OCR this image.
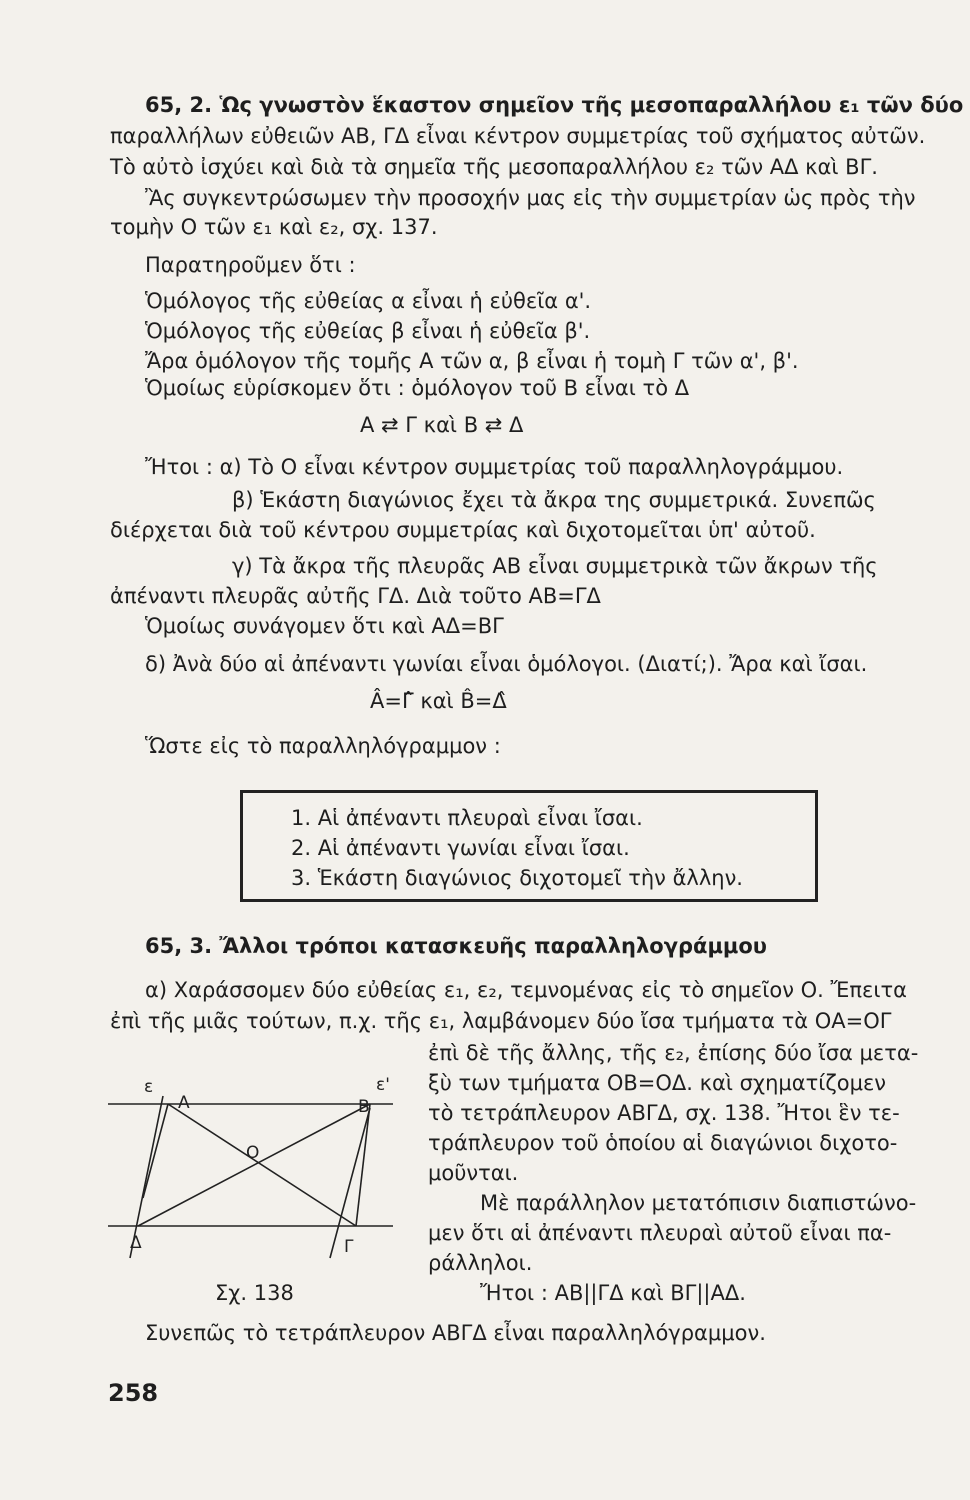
65, 2. Ὡς γνωστὸν ἕκαστον σημεῖον τῆς μεσοπαραλλήλου ε₁ τῶν δύο
παραλλήλων εὐθειῶν ΑΒ, ΓΔ εἶναι κέντρον συμμετρίας τοῦ σχήματος αὐτῶν.
Τὸ αὐτὸ ἰσχύει καὶ διὰ τὰ σημεῖα τῆς μεσοπαραλλήλου ε₂ τῶν ΑΔ καὶ ΒΓ.
Ἂς συγκεντρώσωμεν τὴν προσοχήν μας εἰς τὴν συμμετρίαν ὡς πρὸς τὴν
τομὴν Ο τῶν ε₁ καὶ ε₂, σχ. 137.
Παρατηροῦμεν ὅτι :
Ὁμόλογος τῆς εὐθείας α εἶναι ἡ εὐθεῖα α'.
Ὁμόλογος τῆς εὐθείας β εἶναι ἡ εὐθεῖα β'.
Ἄρα ὁμόλογον τῆς τομῆς Α τῶν α, β εἶναι ἡ τομὴ Γ τῶν α', β'.
Ὁμοίως εὑρίσκομεν ὅτι : ὁμόλογον τοῦ Β εἶναι τὸ Δ
Α ⇄ Γ καὶ Β ⇄ Δ
Ἤτοι : α) Τὸ Ο εἶναι κέντρον συμμετρίας τοῦ παραλληλογράμμου.
β) Ἑκάστη διαγώνιος ἔχει τὰ ἄκρα της συμμετρικά. Συνεπῶς
διέρχεται διὰ τοῦ κέντρου συμμετρίας καὶ διχοτομεῖται ὑπ' αὐτοῦ.
γ) Τὰ ἄκρα τῆς πλευρᾶς ΑΒ εἶναι συμμετρικὰ τῶν ἄκρων τῆς
ἀπέναντι πλευρᾶς αὐτῆς ΓΔ. Διὰ τοῦτο ΑΒ=ΓΔ
Ὁμοίως συνάγομεν ὅτι καὶ ΑΔ=ΒΓ
δ) Ἀνὰ δύο αἱ ἀπέναντι γωνίαι εἶναι ὁμόλογοι. (Διατί;). Ἄρα καὶ ἴσαι.
Â=Γ̂ καὶ B̂=Δ̂
Ὥστε εἰς τὸ παραλληλόγραμμον :
1. Αἱ ἀπέναντι πλευραὶ εἶναι ἴσαι.
2. Αἱ ἀπέναντι γωνίαι εἶναι ἴσαι.
3. Ἑκάστη διαγώνιος διχοτομεῖ τὴν ἄλλην.
65, 3. Ἄλλοι τρόποι κατασκευῆς παραλληλογράμμου
α) Χαράσσομεν δύο εὐθείας ε₁, ε₂, τεμνομένας εἰς τὸ σημεῖον Ο. Ἔπειτα
ἐπὶ τῆς μιᾶς τούτων, π.χ. τῆς ε₁, λαμβάνομεν δύο ἴσα τμήματα τὰ ΟΑ=ΟΓ
ἐπὶ δὲ τῆς ἄλλης, τῆς ε₂, ἐπίσης δύο ἴσα μετα-
ξὺ των τμήματα ΟΒ=ΟΔ. καὶ σχηματίζομεν
τὸ τετράπλευρον ΑΒΓΔ, σχ. 138. Ἤτοι ἓν τε-
τράπλευρον τοῦ ὁποίου αἱ διαγώνιοι διχοτο-
μοῦνται.
Μὲ παράλληλον μετατόπισιν διαπιστώνο-
μεν ὅτι αἱ ἀπέναντι πλευραὶ αὐτοῦ εἶναι πα-
ράλληλοι.
Ἤτοι : ΑΒ||ΓΔ καὶ ΒΓ||ΑΔ.
Συνεπῶς τὸ τετράπλευρον ΑΒΓΔ εἶναι παραλληλόγραμμον.
ε
Α	Β
ε'
Ο
Γ
Δ
Σχ. 138
258
